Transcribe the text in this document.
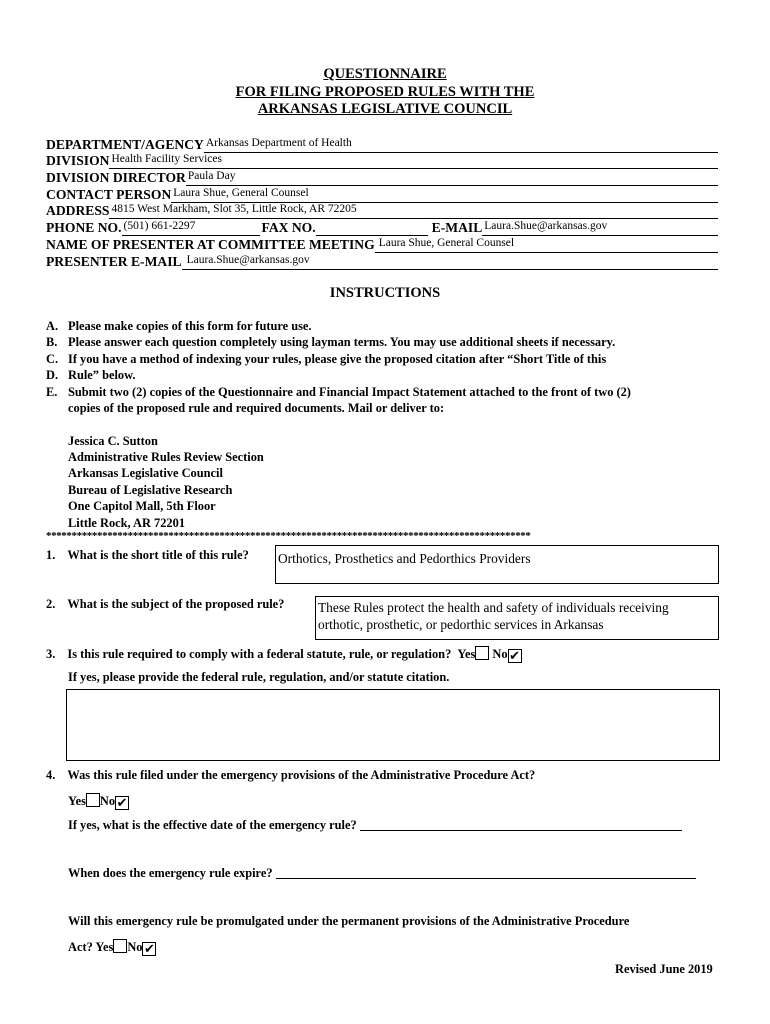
QUESTIONNAIRE
FOR FILING PROPOSED RULES WITH THE
ARKANSAS LEGISLATIVE COUNCIL
DEPARTMENT/AGENCY Arkansas Department of Health
DIVISION Health Facility Services
DIVISION DIRECTOR Paula Day
CONTACT PERSON Laura Shue, General Counsel
ADDRESS 4815 West Markham, Slot 35, Little Rock, AR 72205
PHONE NO. (501) 661-2297	FAX NO.	E-MAIL Laura.Shue@arkansas.gov
NAME OF PRESENTER AT COMMITTEE MEETING Laura Shue, General Counsel
PRESENTER E-MAIL Laura.Shue@arkansas.gov
INSTRUCTIONS
A. Please make copies of this form for future use.
B. Please answer each question completely using layman terms. You may use additional sheets if necessary.
C. If you have a method of indexing your rules, please give the proposed citation after “Short Title of this
D. Rule” below.
E. Submit two (2) copies of the Questionnaire and Financial Impact Statement attached to the front of two (2)
copies of the proposed rule and required documents. Mail or deliver to:
Jessica C. Sutton
Administrative Rules Review Section
Arkansas Legislative Council
Bureau of Legislative Research
One Capitol Mall, 5th Floor
Little Rock, AR 72201
***********************************************************************************************
1. What is the short title of this rule? Orthotics, Prosthetics and Pedorthics Providers
2. What is the subject of the proposed rule?	These Rules protect the health and safety of individuals receiving
orthotic, prosthetic, or pedorthic services in Arkansas
3. Is this rule required to comply with a federal statute, rule, or regulation? Yes No ✔
If yes, please provide the federal rule, regulation, and/or statute citation.
4. Was this rule filed under the emergency provisions of the Administrative Procedure Act?
Yes No ✔
If yes, what is the effective date of the emergency rule?
When does the emergency rule expire?
Will this emergency rule be promulgated under the permanent provisions of the Administrative Procedure
Act? Yes No ✔
Revised June 2019
